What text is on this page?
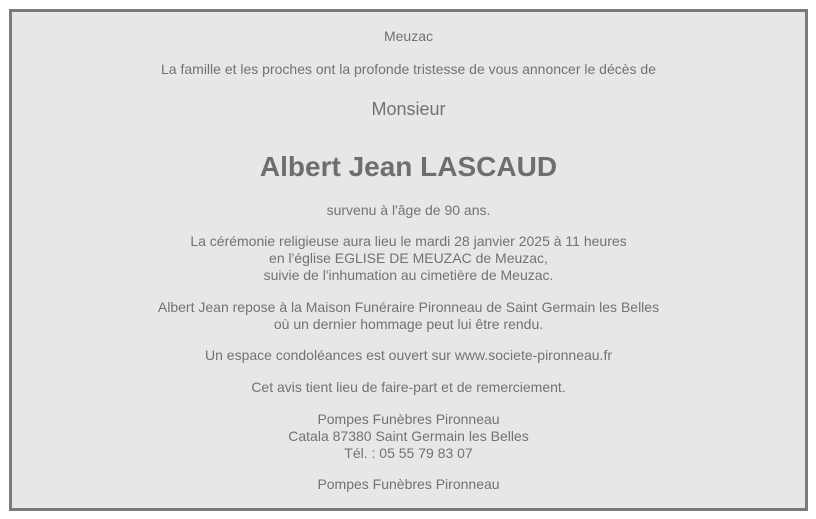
Meuzac
La famille et les proches ont la profonde tristesse de vous annoncer le décès de
Monsieur
Albert Jean LASCAUD
survenu à l'âge de 90 ans.
La cérémonie religieuse aura lieu le mardi 28 janvier 2025 à 11 heures
en l'église EGLISE DE MEUZAC de Meuzac,
suivie de l'inhumation au cimetière de Meuzac.
Albert Jean repose à la Maison Funéraire Pironneau de Saint Germain les Belles
où un dernier hommage peut lui être rendu.
Un espace condoléances est ouvert sur www.societe-pironneau.fr
Cet avis tient lieu de faire-part et de remerciement.
Pompes Funèbres Pironneau
Catala 87380 Saint Germain les Belles
Tél. : 05 55 79 83 07
Pompes Funèbres Pironneau
